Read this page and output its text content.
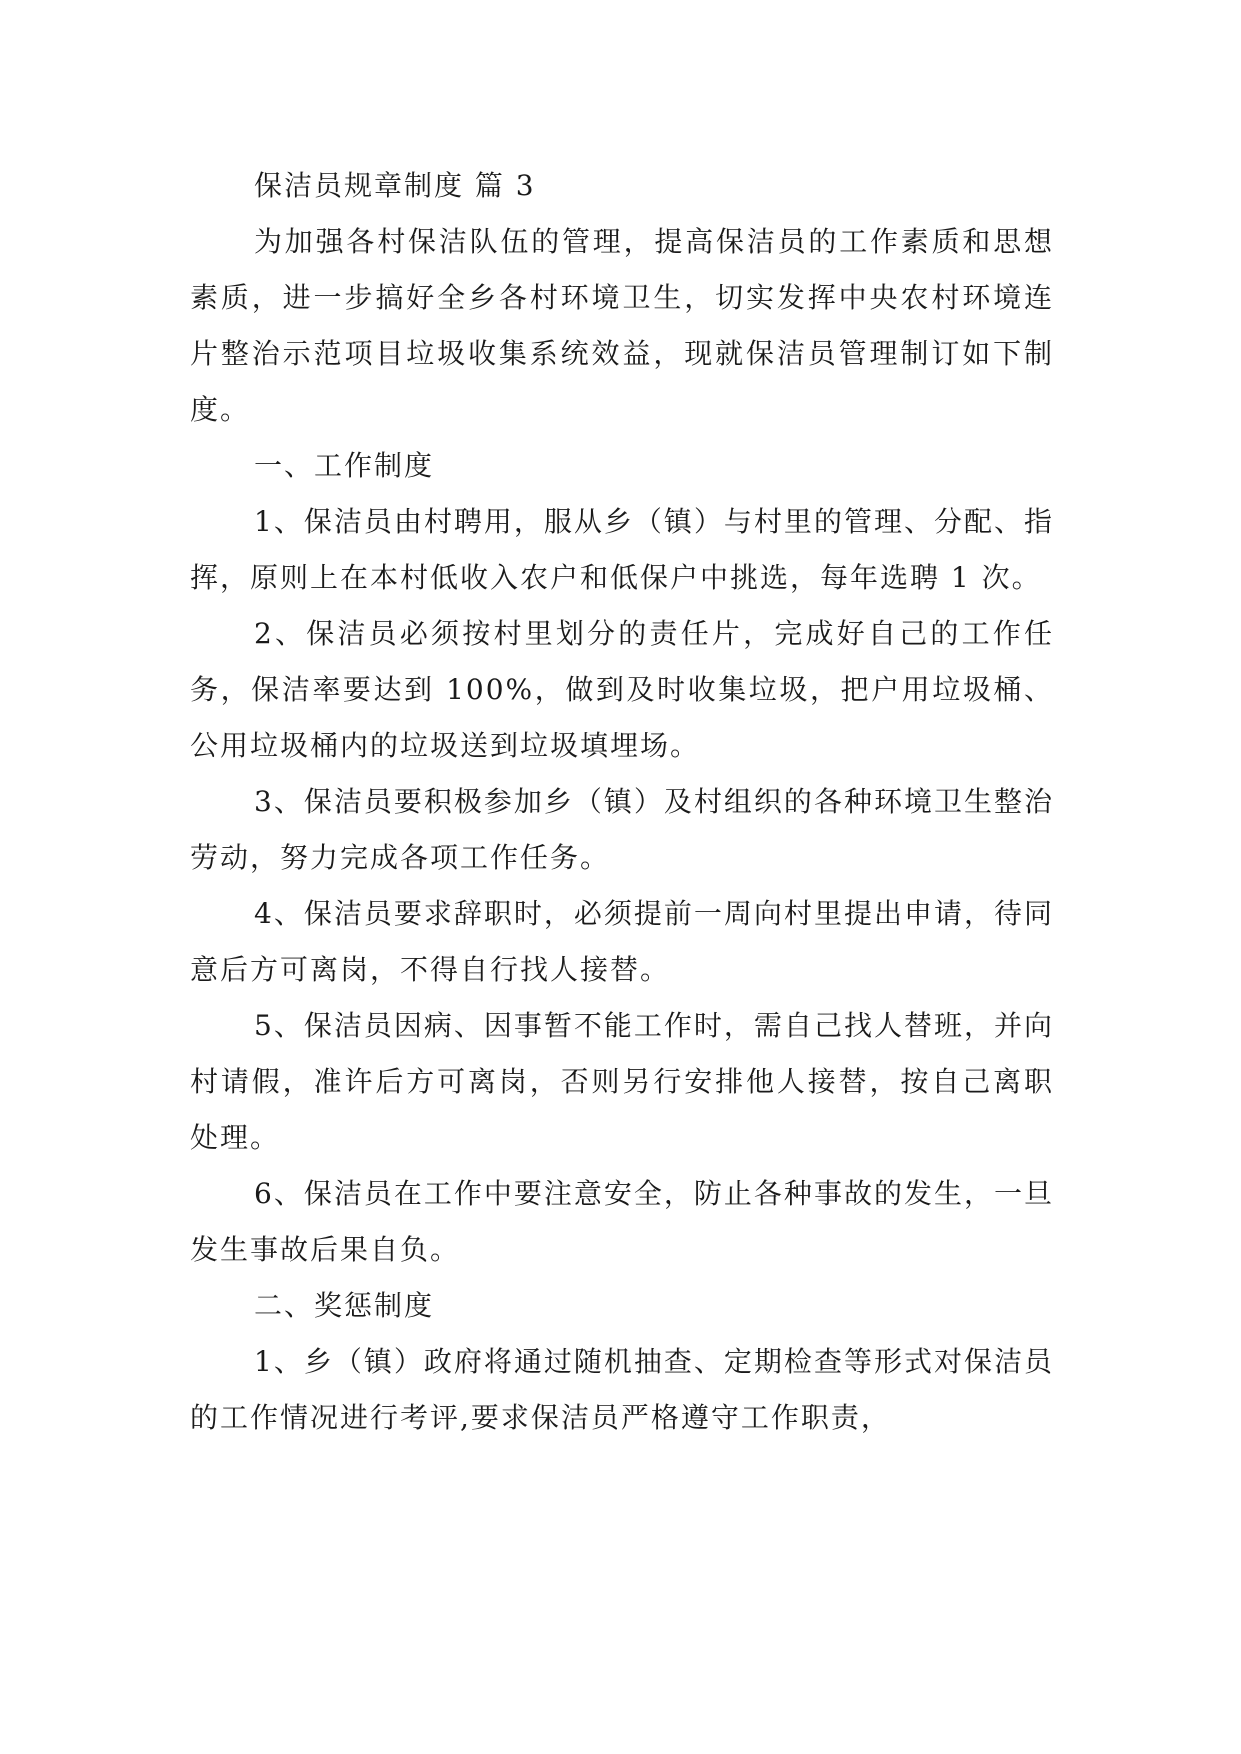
保洁员规章制度 篇 3

为加强各村保洁队伍的管理，提高保洁员的工作素质和思想素质，进一步搞好全乡各村环境卫生，切实发挥中央农村环境连片整治示范项目垃圾收集系统效益，现就保洁员管理制订如下制度。

一、工作制度

1、保洁员由村聘用，服从乡（镇）与村里的管理、分配、指挥，原则上在本村低收入农户和低保户中挑选，每年选聘 1 次。

2、保洁员必须按村里划分的责任片，完成好自己的工作任务，保洁率要达到 100%，做到及时收集垃圾，把户用垃圾桶、公用垃圾桶内的垃圾送到垃圾填埋场。

3、保洁员要积极参加乡（镇）及村组织的各种环境卫生整治劳动，努力完成各项工作任务。

4、保洁员要求辞职时，必须提前一周向村里提出申请，待同意后方可离岗，不得自行找人接替。

5、保洁员因病、因事暂不能工作时，需自己找人替班，并向村请假，准许后方可离岗，否则另行安排他人接替，按自己离职处理。

6、保洁员在工作中要注意安全，防止各种事故的发生，一旦发生事故后果自负。

二、奖惩制度

1、乡（镇）政府将通过随机抽查、定期检查等形式对保洁员的工作情况进行考评,要求保洁员严格遵守工作职责，
